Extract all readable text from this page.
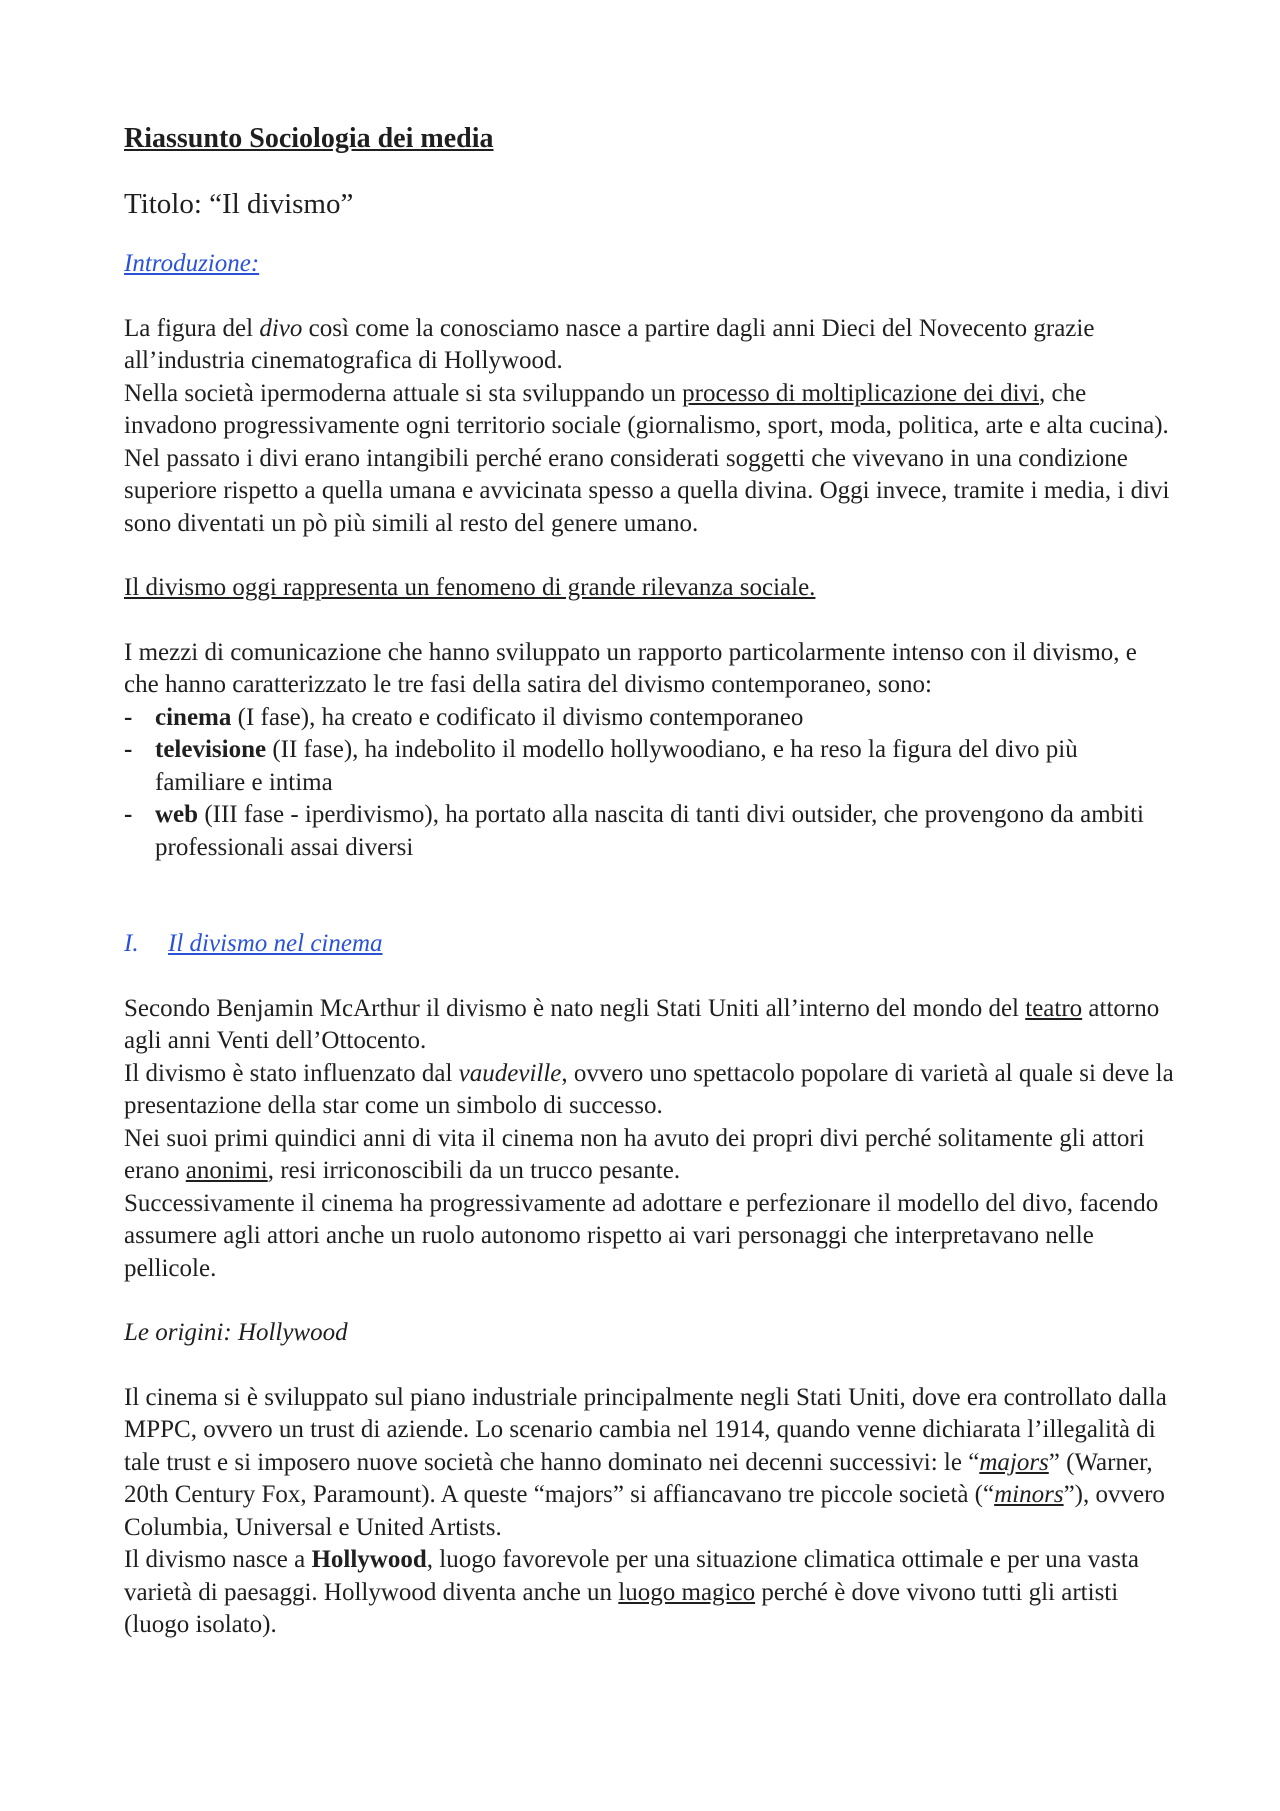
Riassunto Sociologia dei media
Titolo: “Il divismo”

Introduzione:

La figura del divo così come la conosciamo nasce a partire dagli anni Dieci del Novecento grazie all’industria cinematografica di Hollywood.

Nella società ipermoderna attuale si sta sviluppando un processo di moltiplicazione dei divi, che invadono progressivamente ogni territorio sociale (giornalismo, sport, moda, politica, arte e alta cucina).

Nel passato i divi erano intangibili perché erano considerati soggetti che vivevano in una condizione superiore rispetto a quella umana e avvicinata spesso a quella divina. Oggi invece, tramite i media, i divi sono diventati un pò più simili al resto del genere umano.

Il divismo oggi rappresenta un fenomeno di grande rilevanza sociale.

I mezzi di comunicazione che hanno sviluppato un rapporto particolarmente intenso con il divismo, e che hanno caratterizzato le tre fasi della satira del divismo contemporaneo, sono:

- cinema (I fase), ha creato e codificato il divismo contemporaneo
- televisione (II fase), ha indebolito il modello hollywoodiano, e ha reso la figura del divo più familiare e intima
- web (III fase - iperdivismo), ha portato alla nascita di tanti divi outsider, che provengono da ambiti professionali assai diversi

I. Il divismo nel cinema

Secondo Benjamin McArthur il divismo è nato negli Stati Uniti all’interno del mondo del teatro attorno agli anni Venti dell’Ottocento.

Il divismo è stato influenzato dal vaudeville, ovvero uno spettacolo popolare di varietà al quale si deve la presentazione della star come un simbolo di successo.

Nei suoi primi quindici anni di vita il cinema non ha avuto dei propri divi perché solitamente gli attori erano anonimi, resi irriconoscibili da un trucco pesante.

Successivamente il cinema ha progressivamente ad adottare e perfezionare il modello del divo, facendo assumere agli attori anche un ruolo autonomo rispetto ai vari personaggi che interpretavano nelle pellicole.

Le origini: Hollywood

Il cinema si è sviluppato sul piano industriale principalmente negli Stati Uniti, dove era controllato dalla MPPC, ovvero un trust di aziende. Lo scenario cambia nel 1914, quando venne dichiarata l’illegalità di tale trust e si imposero nuove società che hanno dominato nei decenni successivi: le “majors” (Warner, 20th Century Fox, Paramount). A queste “majors” si affiancavano tre piccole società (“minors”), ovvero Columbia, Universal e United Artists.

Il divismo nasce a Hollywood, luogo favorevole per una situazione climatica ottimale e per una vasta varietà di paesaggi. Hollywood diventa anche un luogo magico perché è dove vivono tutti gli artisti (luogo isolato).
